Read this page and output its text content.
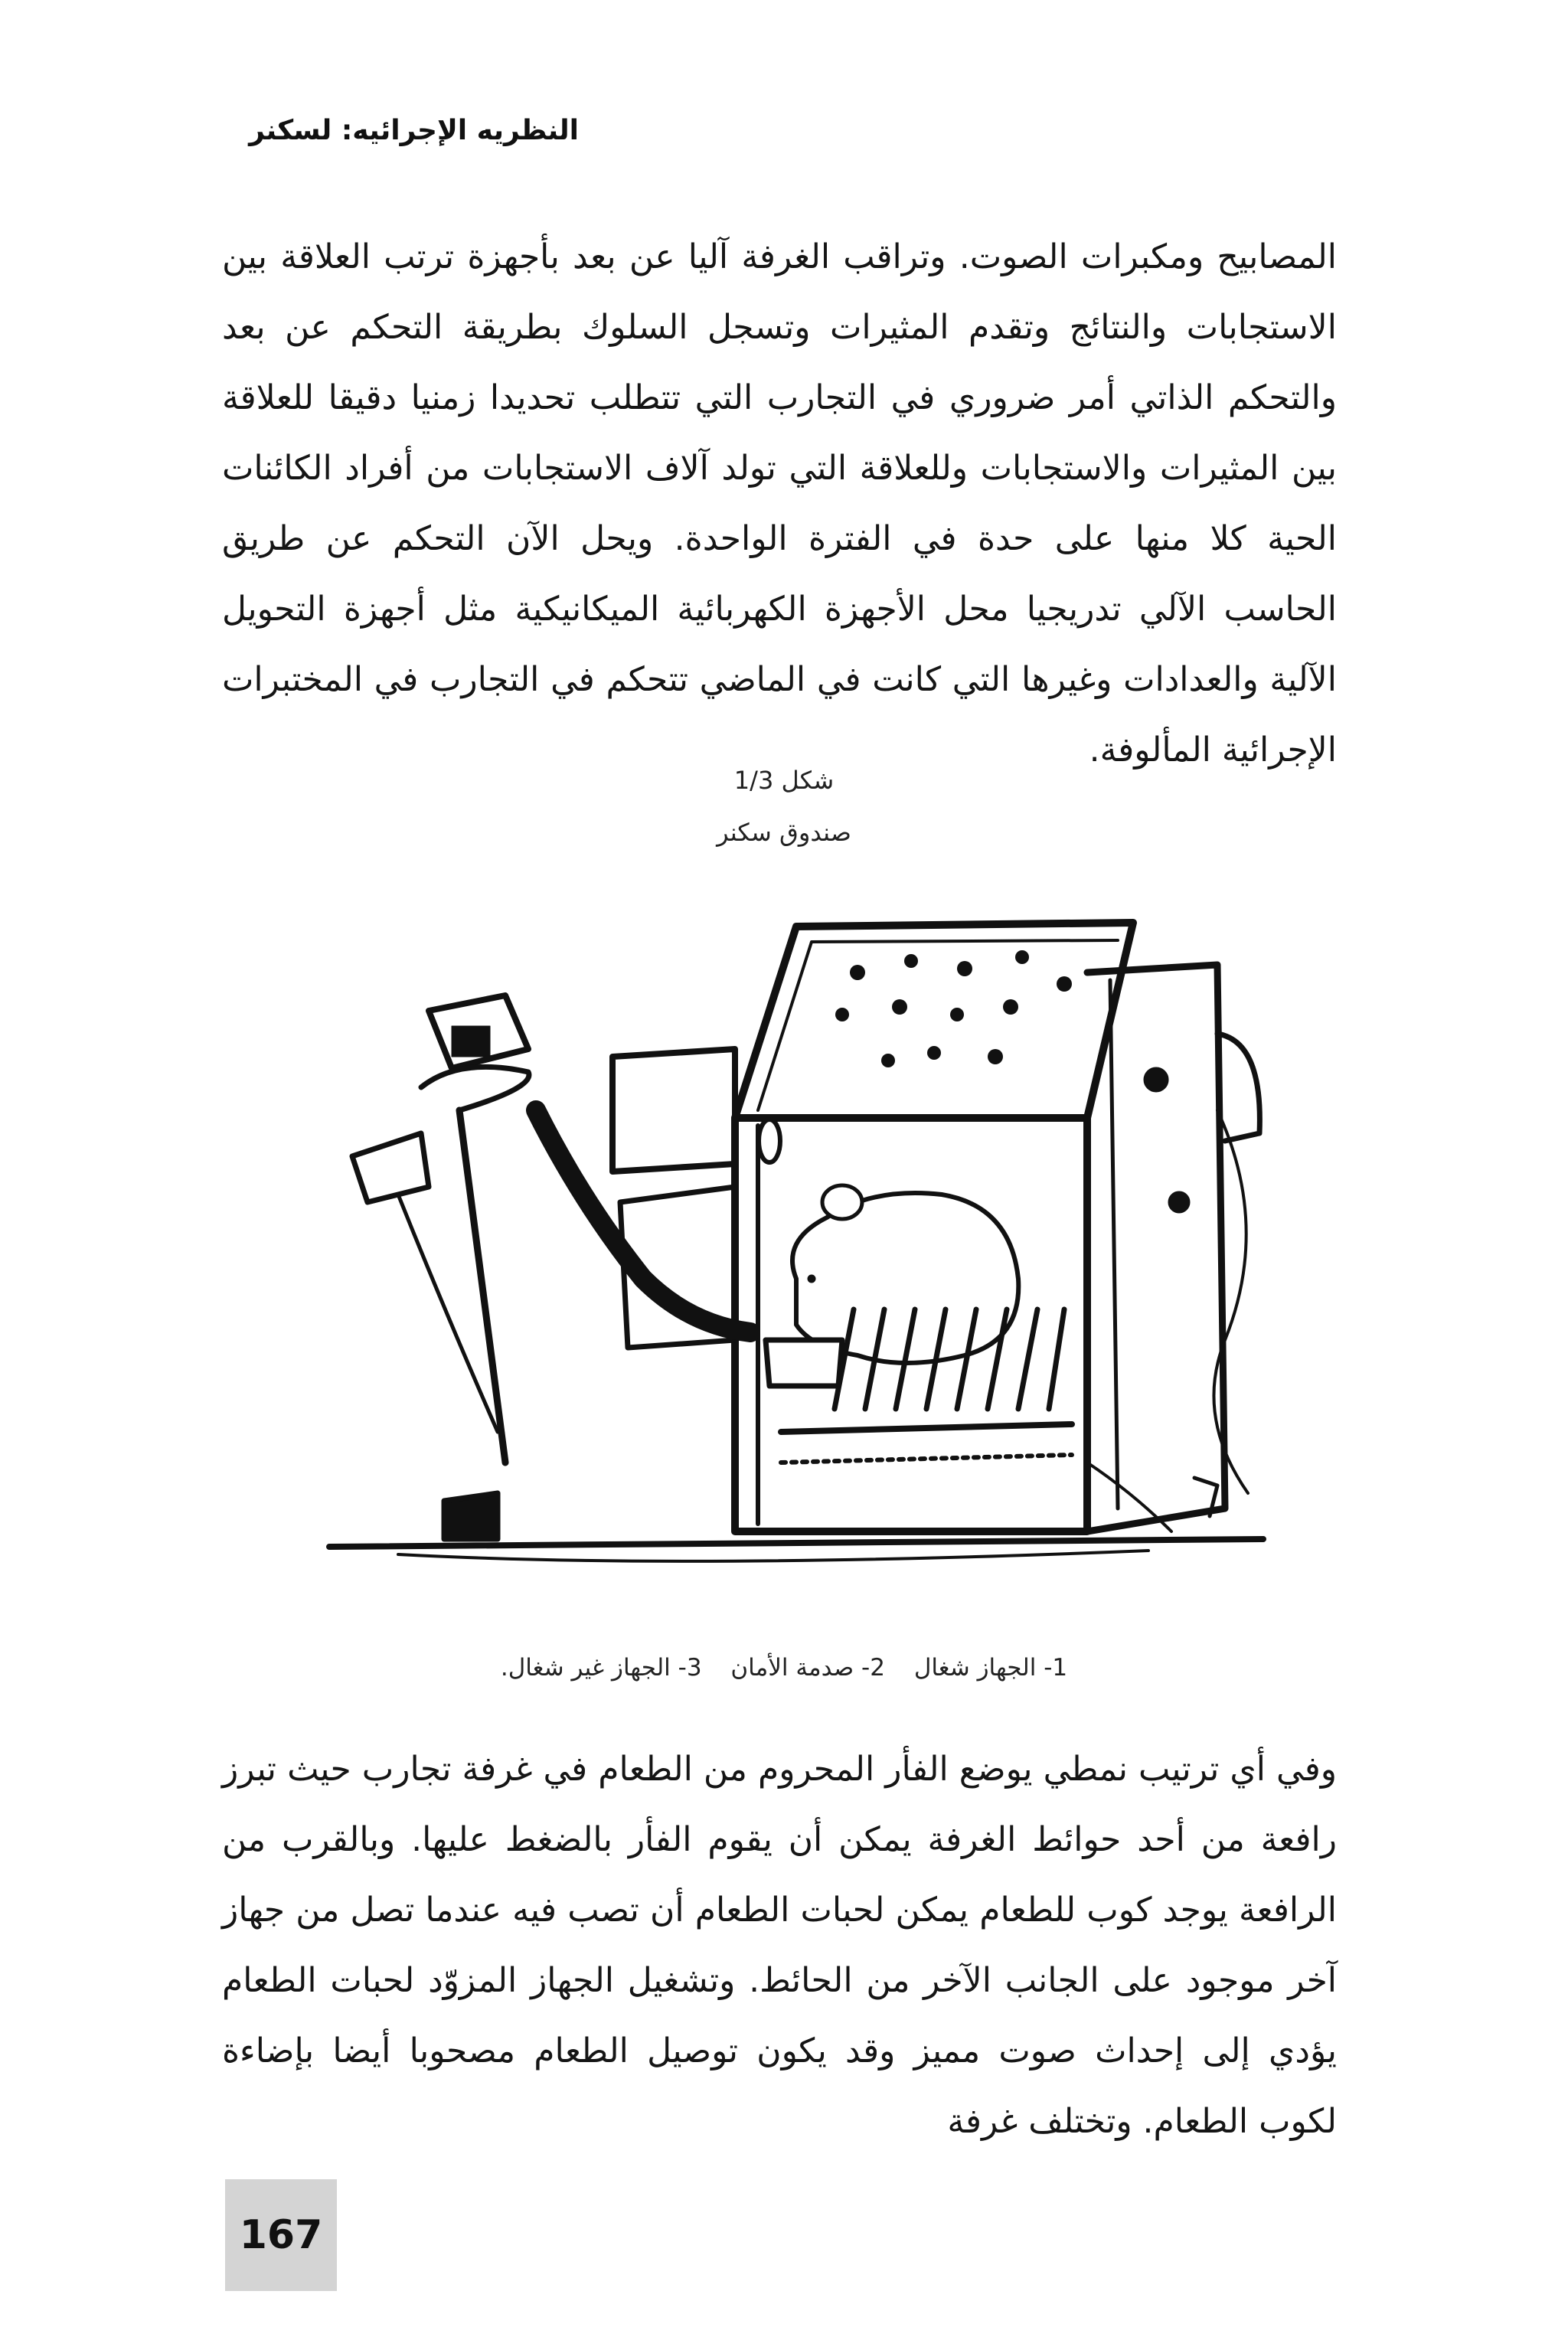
النظريه الإجرائيه: لسكنر
المصابيح ومكبرات الصوت. وتراقب الغرفة آليا عن بعد بأجهزة ترتب العلاقة بين الاستجابات والنتائج وتقدم المثيرات وتسجل السلوك بطريقة التحكم عن بعد والتحكم الذاتي أمر ضروري في التجارب التي تتطلب تحديدا زمنيا دقيقا للعلاقة بين المثيرات والاستجابات وللعلاقة التي تولد آلاف الاستجابات من أفراد الكائنات الحية كلا منها على حدة في الفترة الواحدة. ويحل الآن التحكم عن طريق الحاسب الآلي تدريجيا محل الأجهزة الكهربائية الميكانيكية مثل أجهزة التحويل الآلية والعدادات وغيرها التي كانت في الماضي تتحكم في التجارب في المختبرات الإجرائية المألوفة.
شكل 1/3
صندوق سكنر
1- الجهاز شغال 2- صدمة الأمان 3- الجهاز غير شغال.
وفي أي ترتيب نمطي يوضع الفأر المحروم من الطعام في غرفة تجارب حيث تبرز رافعة من أحد حوائط الغرفة يمكن أن يقوم الفأر بالضغط عليها. وبالقرب من الرافعة يوجد كوب للطعام يمكن لحبات الطعام أن تصب فيه عندما تصل من جهاز آخر موجود على الجانب الآخر من الحائط. وتشغيل الجهاز المزوّد لحبات الطعام يؤدي إلى إحداث صوت مميز وقد يكون توصيل الطعام مصحوبا أيضا بإضاءة لكوب الطعام. وتختلف غرفة
167
